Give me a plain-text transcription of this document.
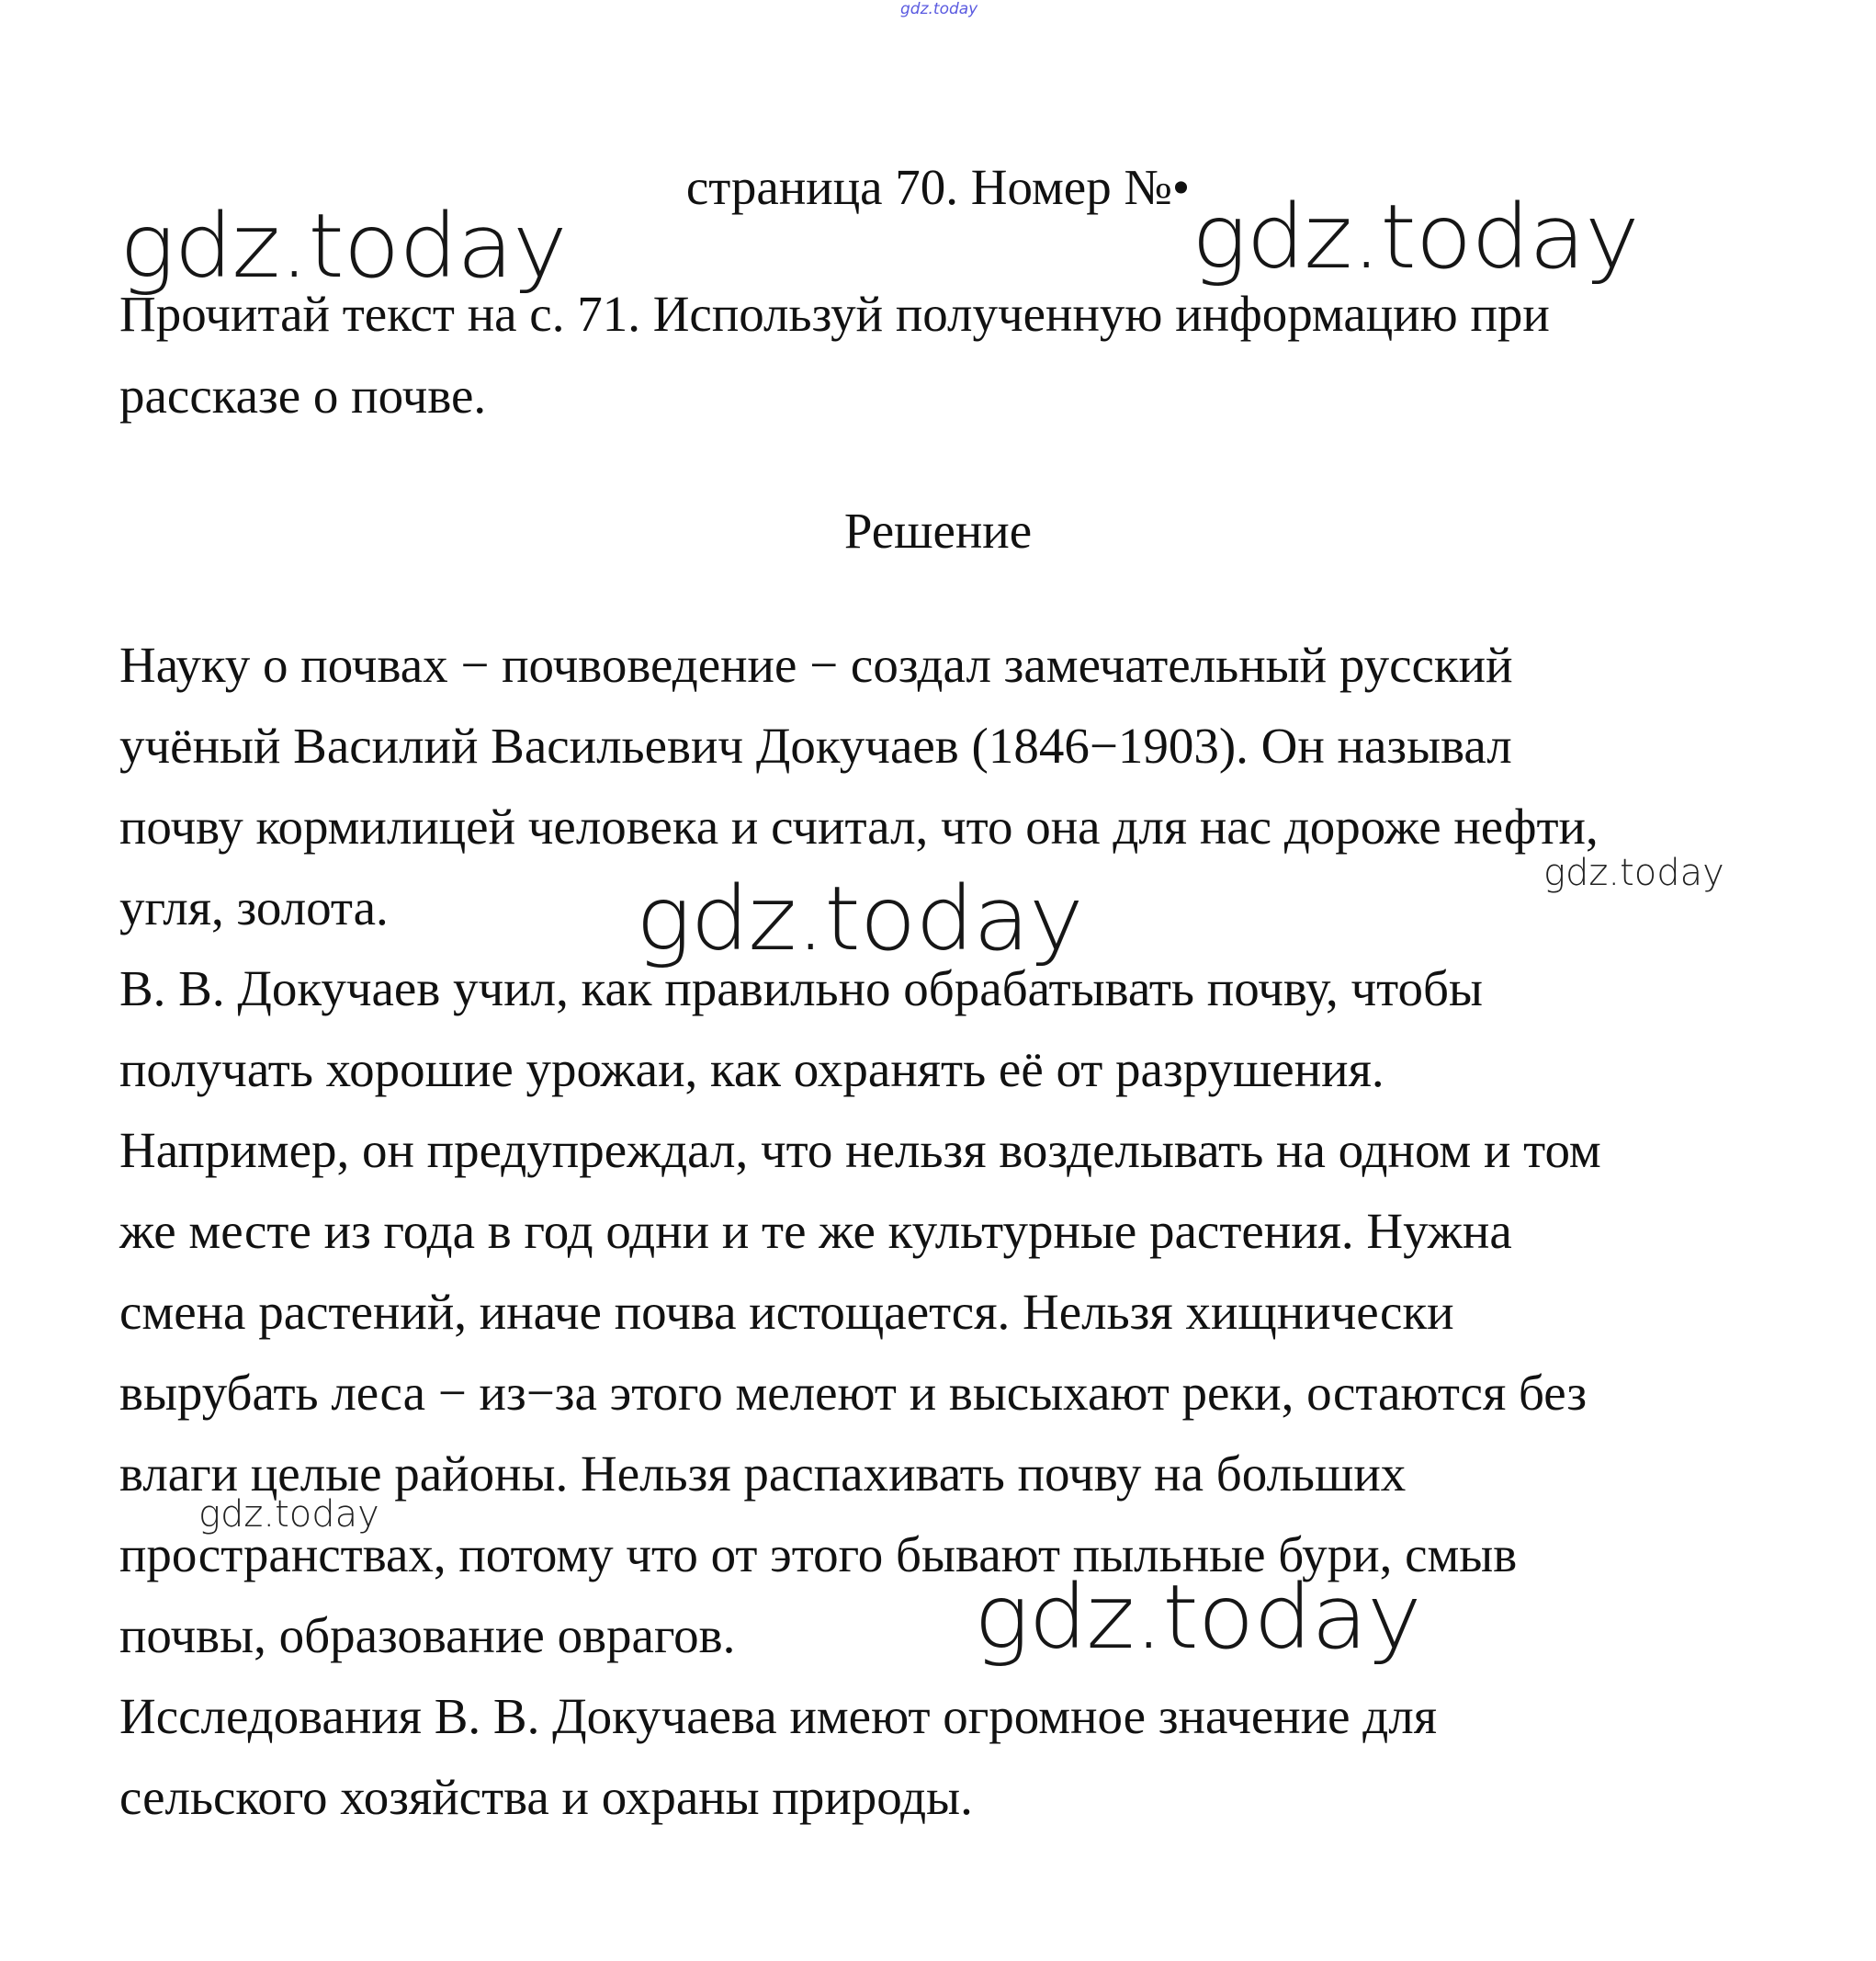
gdz.today
страница 70. Номер №•
gdz.today	gdz.today
Прочитай текст на с. 71. Используй полученную информацию при
рассказе о почве.
Решение
Науку о почвах − почвоведение − создал замечательный русский
учёный Василий Васильевич Докучаев (1846−1903). Он называл
почву кормилицей человека и считал, что она для нас дороже нефти,
угля, золота.
В. В. Докучаев учил, как правильно обрабатывать почву, чтобы
получать хорошие урожаи, как охранять её от разрушения.
Например, он предупреждал, что нельзя возделывать на одном и том
же месте из года в год одни и те же культурные растения. Нужна
смена растений, иначе почва истощается. Нельзя хищнически
вырубать леса − из−за этого мелеют и высыхают реки, остаются без
влаги целые районы. Нельзя распахивать почву на больших
пространствах, потому что от этого бывают пыльные бури, смыв
почвы, образование оврагов.
Исследования В. В. Докучаева имеют огромное значение для
сельского хозяйства и охраны природы.
gdz.today
gdz.today
gdz.today
gdz.today
